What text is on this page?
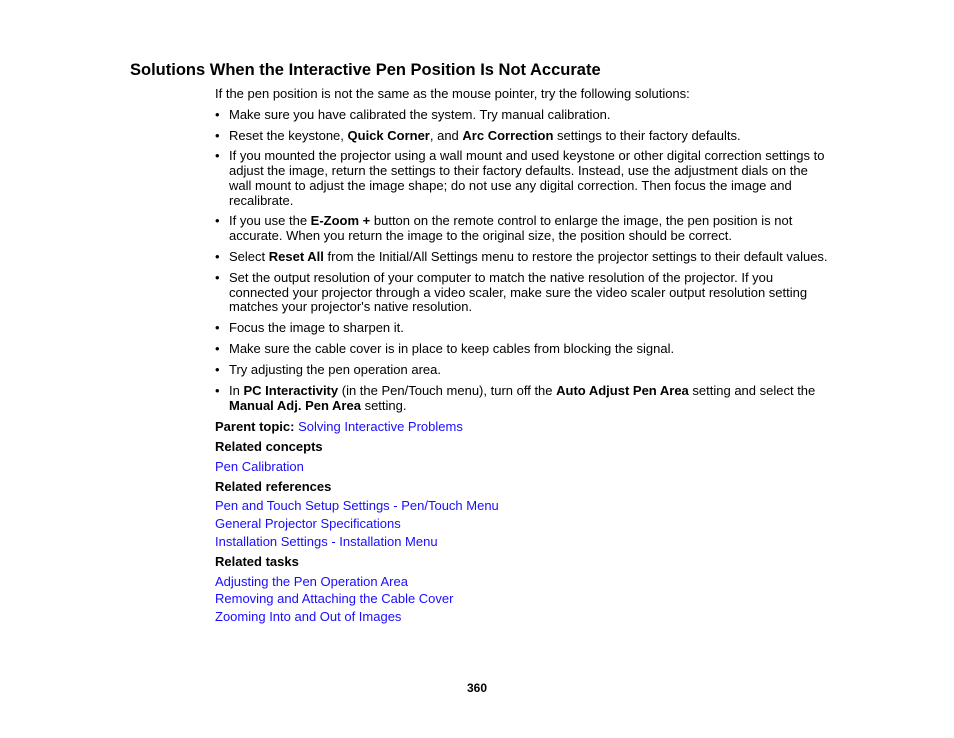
Solutions When the Interactive Pen Position Is Not Accurate

If the pen position is not the same as the mouse pointer, try the following solutions:

• Make sure you have calibrated the system. Try manual calibration.
• Reset the keystone, Quick Corner, and Arc Correction settings to their factory defaults.
• If you mounted the projector using a wall mount and used keystone or other digital correction settings to adjust the image, return the settings to their factory defaults. Instead, use the adjustment dials on the wall mount to adjust the image shape; do not use any digital correction. Then focus the image and recalibrate.
• If you use the E-Zoom + button on the remote control to enlarge the image, the pen position is not accurate. When you return the image to the original size, the position should be correct.
• Select Reset All from the Initial/All Settings menu to restore the projector settings to their default values.
• Set the output resolution of your computer to match the native resolution of the projector. If you connected your projector through a video scaler, make sure the video scaler output resolution setting matches your projector's native resolution.
• Focus the image to sharpen it.
• Make sure the cable cover is in place to keep cables from blocking the signal.
• Try adjusting the pen operation area.
• In PC Interactivity (in the Pen/Touch menu), turn off the Auto Adjust Pen Area setting and select the Manual Adj. Pen Area setting.

Parent topic: Solving Interactive Problems

Related concepts

Pen Calibration

Related references

Pen and Touch Setup Settings - Pen/Touch Menu
General Projector Specifications
Installation Settings - Installation Menu

Related tasks

Adjusting the Pen Operation Area
Removing and Attaching the Cable Cover
Zooming Into and Out of Images
360
